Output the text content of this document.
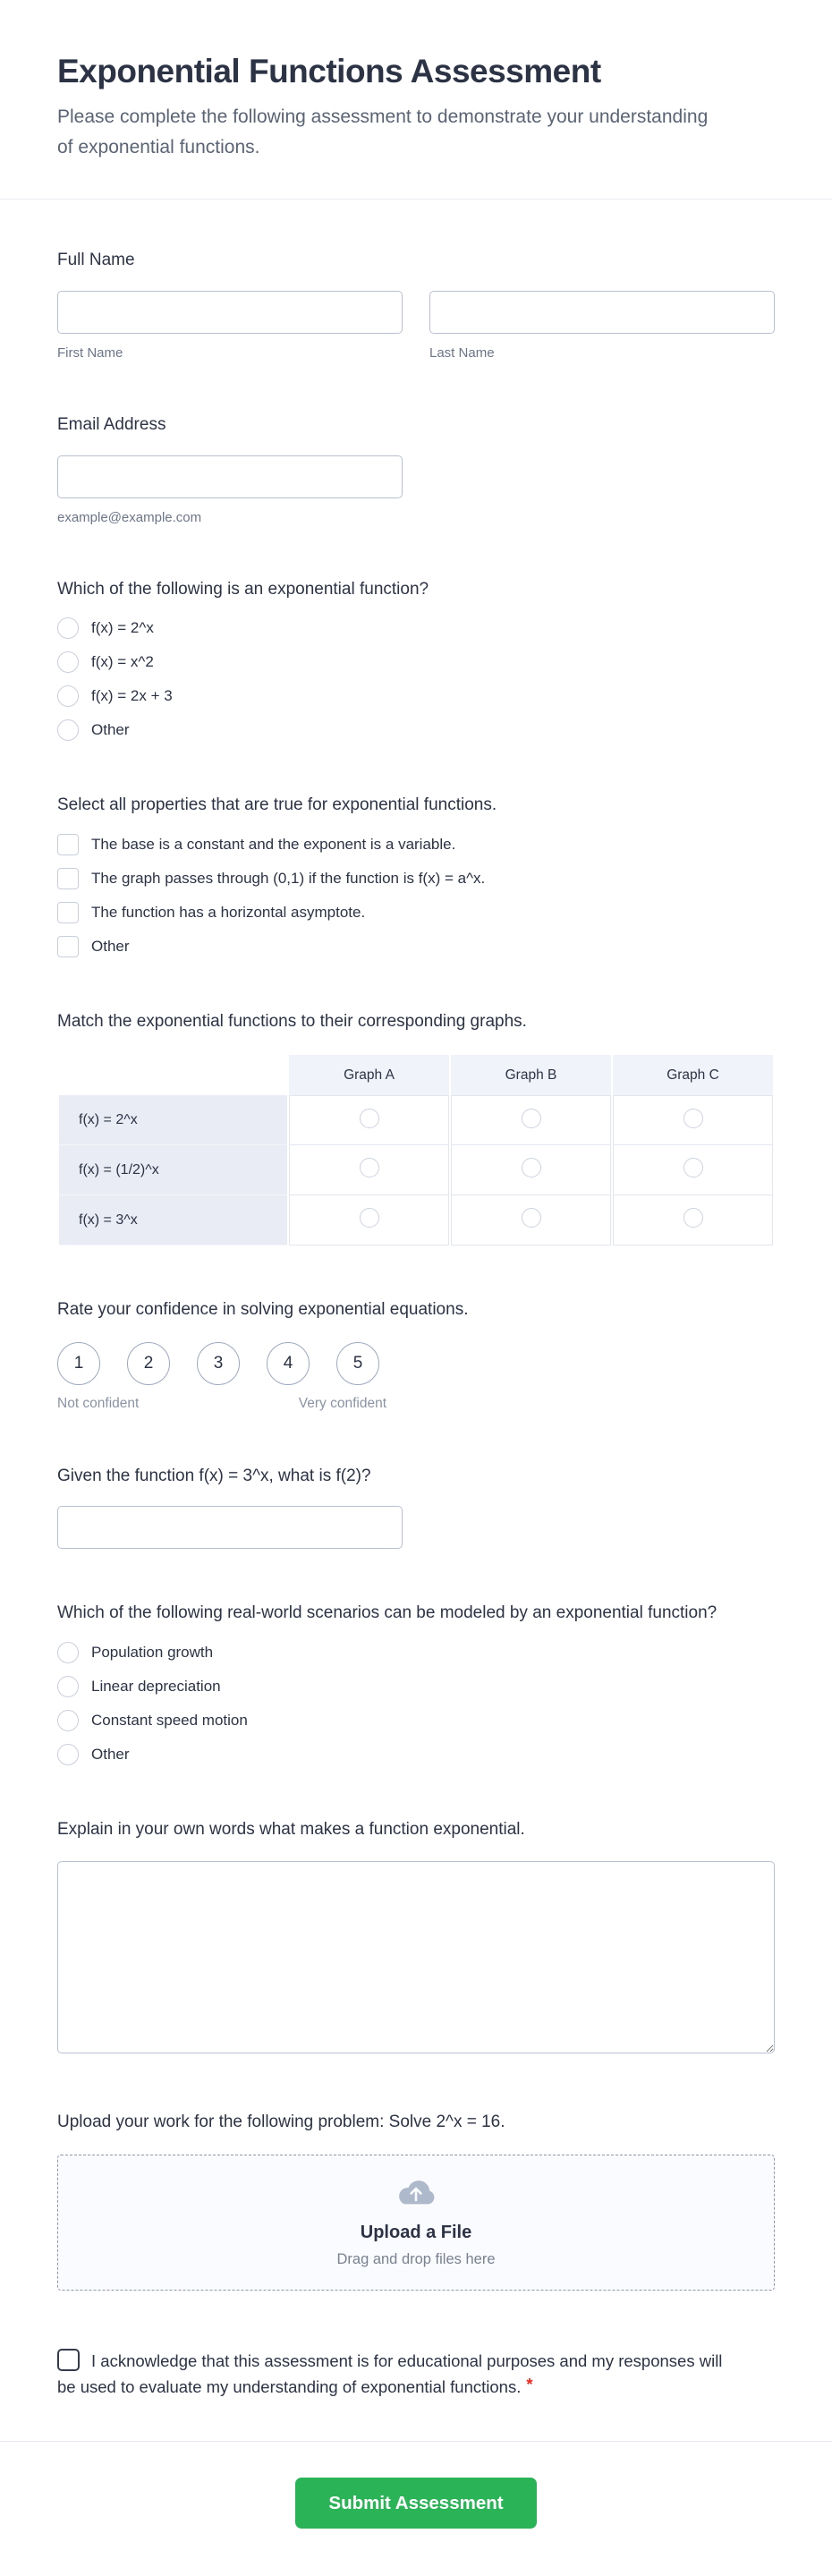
Exponential Functions Assessment

Please complete the following assessment to demonstrate your understanding of exponential functions.

Full Name
First Name	Last Name
Email Address
example@example.com
Which of the following is an exponential function?
f(x) = 2^x
f(x) = x^2
f(x) = 2x + 3
Other
Select all properties that are true for exponential functions.
The base is a constant and the exponent is a variable.
The graph passes through (0,1) if the function is f(x) = a^x.
The function has a horizontal asymptote.
Other
Match the exponential functions to their corresponding graphs.
	Graph A	Graph B	Graph C
f(x) = 2^x			
f(x) = (1/2)^x			
f(x) = 3^x			
Rate your confidence in solving exponential equations.
1	2	3	4	5
Not confident	Very confident
Given the function f(x) = 3^x, what is f(2)?
Which of the following real-world scenarios can be modeled by an exponential function?
Population growth
Linear depreciation
Constant speed motion
Other
Explain in your own words what makes a function exponential.
Upload your work for the following problem: Solve 2^x = 16.
Upload a File
Drag and drop files here

I acknowledge that this assessment is for educational purposes and my responses will be used to evaluate my understanding of exponential functions. *

Submit Assessment
